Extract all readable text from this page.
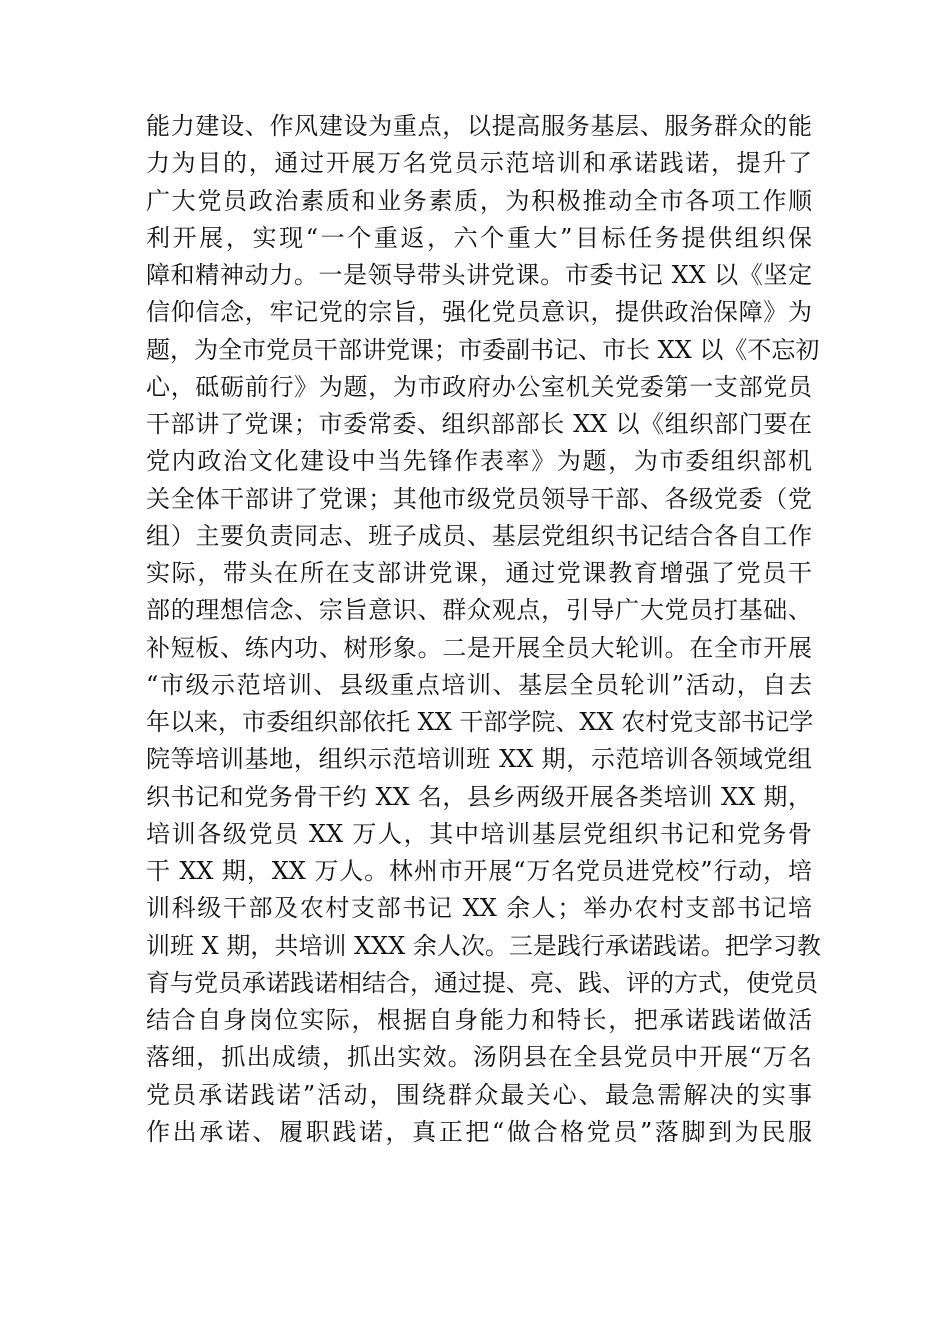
能力建设、作风建设为重点，以提高服务基层、服务群众的能
力为目的，通过开展万名党员示范培训和承诺践诺，提升了
广大党员政治素质和业务素质，为积极推动全市各项工作顺
利开展，实现“一个重返，六个重大”目标任务提供组织保
障和精神动力。一是领导带头讲党课。市委书记 XX 以《坚定
信仰信念，牢记党的宗旨，强化党员意识，提供政治保障》为
题，为全市党员干部讲党课；市委副书记、市长 XX 以《不忘初
心，砥砺前行》为题，为市政府办公室机关党委第一支部党员
干部讲了党课；市委常委、组织部部长 XX 以《组织部门要在
党内政治文化建设中当先锋作表率》为题，为市委组织部机
关全体干部讲了党课；其他市级党员领导干部、各级党委（党
组）主要负责同志、班子成员、基层党组织书记结合各自工作
实际，带头在所在支部讲党课，通过党课教育增强了党员干
部的理想信念、宗旨意识、群众观点，引导广大党员打基础、
补短板、练内功、树形象。二是开展全员大轮训。在全市开展
“市级示范培训、县级重点培训、基层全员轮训”活动，自去
年以来，市委组织部依托 XX 干部学院、XX 农村党支部书记学
院等培训基地，组织示范培训班 XX 期，示范培训各领域党组
织书记和党务骨干约 XX 名，县乡两级开展各类培训 XX 期，
培训各级党员 XX 万人，其中培训基层党组织书记和党务骨
干 XX 期，XX 万人。林州市开展“万名党员进党校”行动，培
训科级干部及农村支部书记 XX 余人；举办农村支部书记培
训班 X 期，共培训 XXX 余人次。三是践行承诺践诺。把学习教
育与党员承诺践诺相结合，通过提、亮、践、评的方式，使党员
结合自身岗位实际，根据自身能力和特长，把承诺践诺做活
落细，抓出成绩，抓出实效。汤阴县在全县党员中开展“万名
党员承诺践诺”活动，围绕群众最关心、最急需解决的实事
作出承诺、履职践诺，真正把“做合格党员”落脚到为民服
